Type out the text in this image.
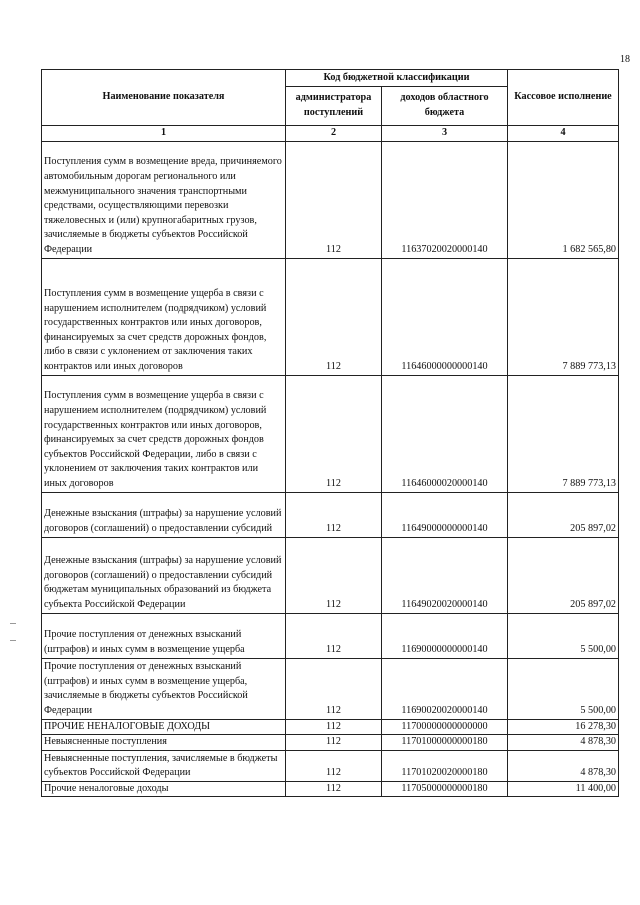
18
Наименование показателя	Код бюджетной классификации		Кассовое исполнение
	администратора поступлений	доходов областного бюджета	
1	2	3	4
Поступления сумм в возмещение вреда, причиняемого автомобильным дорогам регионального или межмуниципального значения транспортными средствами, осуществляющими перевозки тяжеловесных и (или) крупногабаритных грузов, зачисляемые в бюджеты субъектов Российской Федерации	112	11637020020000140	1 682 565,80
Поступления сумм в возмещение ущерба в связи с нарушением исполнителем (подрядчиком) условий государственных контрактов или иных договоров, финансируемых за счет средств дорожных фондов, либо в связи с уклонением от заключения таких контрактов или иных договоров	112	11646000000000140	7 889 773,13
Поступления сумм в возмещение ущерба в связи с нарушением исполнителем (подрядчиком) условий государственных контрактов или иных договоров, финансируемых за счет средств дорожных фондов субъектов Российской Федерации, либо в связи с уклонением от заключения таких контрактов или иных договоров	112	11646000020000140	7 889 773,13
Денежные взыскания (штрафы) за нарушение условий договоров (соглашений) о предоставлении субсидий	112	11649000000000140	205 897,02
Денежные взыскания (штрафы) за нарушение условий договоров (соглашений) о предоставлении субсидий бюджетам муниципальных образований из бюджета субъекта Российской Федерации	112	11649020020000140	205 897,02
Прочие поступления от денежных взысканий (штрафов) и иных сумм в возмещение ущерба	112	11690000000000140	5 500,00
Прочие поступления от денежных взысканий (штрафов) и иных сумм в возмещение ущерба, зачисляемые в бюджеты субъектов Российской Федерации	112	11690020020000140	5 500,00
ПРОЧИЕ НЕНАЛОГОВЫЕ ДОХОДЫ	112	11700000000000000	16 278,30
Невыясненные поступления	112	11701000000000180	4 878,30
Невыясненные поступления, зачисляемые в бюджеты субъектов Российской Федерации	112	11701020020000180	4 878,30
Прочие неналоговые доходы	112	11705000000000180	11 400,00
